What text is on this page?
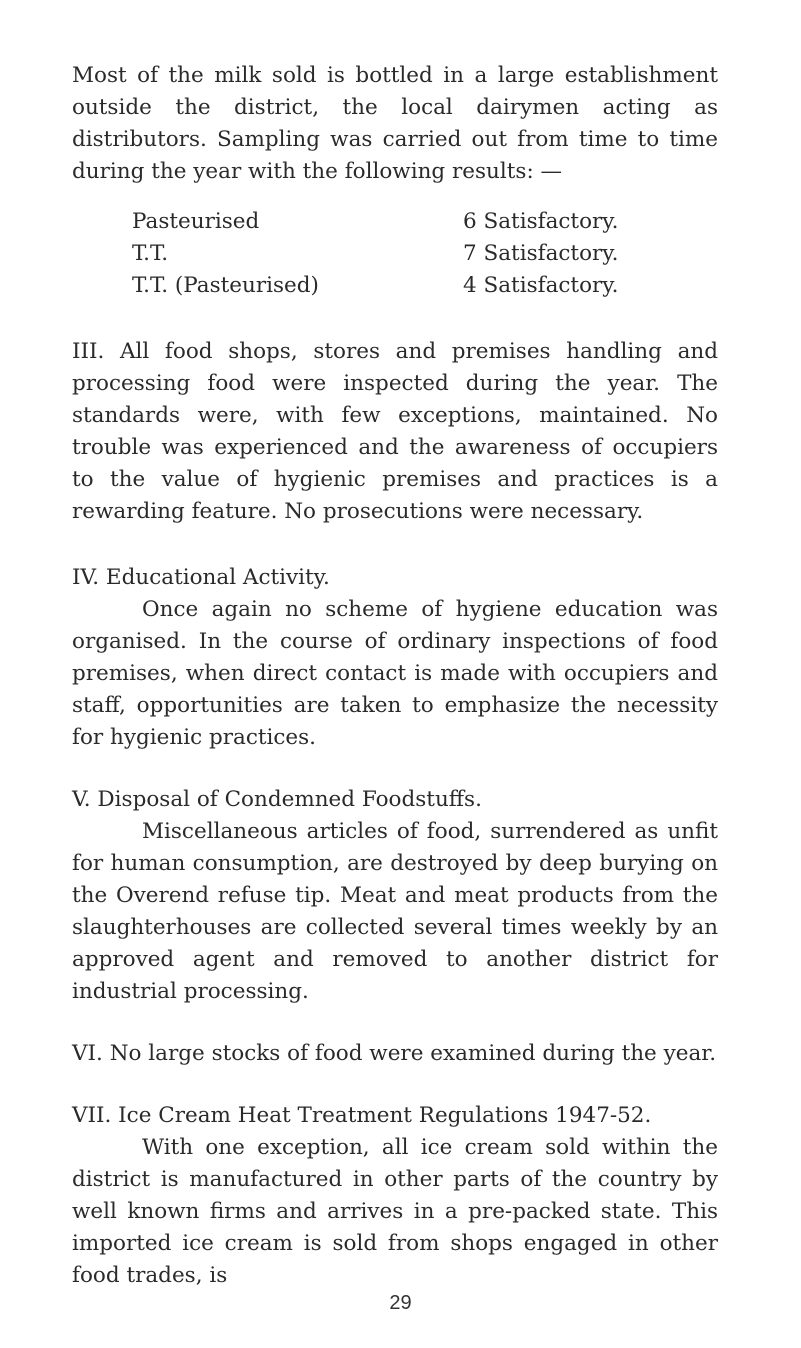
Most of the milk sold is bottled in a large establishment outside the district, the local dairymen acting as distributors. Sampling was carried out from time to time during the year with the following results: —

Pasteurised	6 Satisfactory.
T.T.	7 Satisfactory.
T.T. (Pasteurised)	4 Satisfactory.

III. All food shops, stores and premises handling and processing food were inspected during the year. The standards were, with few exceptions, maintained. No trouble was experienced and the awareness of occupiers to the value of hygienic premises and practices is a rewarding feature. No prosecutions were necessary.

IV. Educational Activity.

Once again no scheme of hygiene education was organised. In the course of ordinary inspections of food premises, when direct contact is made with occupiers and staff, opportunities are taken to emphasize the necessity for hygienic practices.

V. Disposal of Condemned Foodstuffs.

Miscellaneous articles of food, surrendered as unfit for human consumption, are destroyed by deep burying on the Overend refuse tip. Meat and meat products from the slaughterhouses are collected several times weekly by an approved agent and removed to another district for industrial processing.

VI. No large stocks of food were examined during the year.

VII. Ice Cream Heat Treatment Regulations 1947-52.

With one exception, all ice cream sold within the district is manufactured in other parts of the country by well known firms and arrives in a pre-packed state. This imported ice cream is sold from shops engaged in other food trades, is

29
